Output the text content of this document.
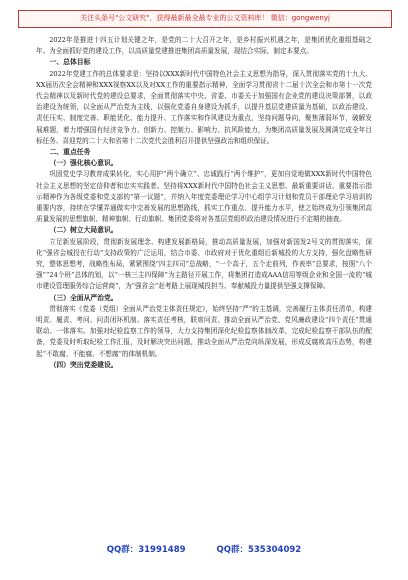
关注头条号"公文研究"，获得最新最全最专业的公文资料库！ 微信：gongwenyj

2022年是推进十四五计划关键之年，是党的二十大召开之年，是乡村振兴机遇之年，是集团优化重组基础之年。为全面抓好党的建设工作，以高质量党建推进集团高质量发展，现结合实际，制定本要点。

一、总体目标

2022年党建工作的总体要求是：坚持以XXX新时代中国特色社会主义思想为指导，深入贯彻落实党的十九大、XX届历次全会精神和XXX视察XX以及对XX工作的重要指示精神，全面学习贯彻省十二届十次全会和市第十一次党代会精神以及新时代党的建设总要求，全面贯彻落实中央、省委、市委关于加强国有企业党的建设决策部署，以政治建设为统领，以全面从严治党为主线，以强化党委自身建设为抓手，以提升基层党建质量为基础，以政治建设、责任压实、制度完善、职能优化、能力提升、工作落实和作风建设为重点，坚持问题导向，聚焦薄弱环节，破解发展难题，着力增强国有经济竞争力、创新力、控制力、影响力、抗风险能力，为集团高质量发展及圆满完成全年目标任务、喜迎党的二十大和省第十二次党代会胜利召开提供坚强政治和组织保证。

二、重点任务

（一）强化核心意识。

巩固党史学习教育成果转化，实心用护“两个确立”、忠诚践行“两个维护”，更加自觉地做XXX新时代中国特色社会主义思想的坚定信仰者和忠实实践者。坚持将XXX新时代中国特色社会主义思想、最新重要讲话、重要指示指示精神作为各级党委和党支部的“第一议题”，并纳入年度党委理论学习中心组学习计划和党员干部理论学习培训的重要内容，持续在学懂弄通做实中完善发展的思想路线，抓实工作重点、提升能力水平，使之始终成为引领集团高质量发展的思想旗帜、精神旗帜、行动旗帜。集团党委将对各基层党组织政治建设情况进行不定期的抽查。

（二）树立大局意识。

立足新发展阶段，贯彻新发展理念、构建发展新格局，推动高质量发展，加强对新国发2号文的贯彻落实，深化“强省会城投在行动”支持政策的广泛运用，结合市委、市政府对于优化重组后新城投的大方支持，强化盘略性研究，整体思想考，战略性布局，紧紧围绕“四主四司”总战略，“一个高于，五个走前列，作表率”总要求，按照“八个强”“24个班”总体的划，以“一核三主四保障”为主路径开展工作，将集团打造成AAA信用等级企业和全国一流的“城市建设管理服务综合运营商”，为“强省会”赶考路上展现城投担当、奉献城投力量提供坚强支撑保障。

（三）全面从严治党。

贯彻落实《党委（党组）全面从严治党主体责任规定》，始终坚持“严”的主基调，完善履行主体责任清单，构建明责、履责、考问、问责闭环机制。落实责任考核，联席问责、推动全面从严治党、党风廉政建设“四个责任”贯通联动、一体落实。加强对纪检监察工作的领导，大力支持集团深化纪检监察体制改革，完成纪检监察干部队伍的配备，党委及时听取纪检工作汇报，及时解决突出问题，推动全面从严治党向纵深发展，形成反腐败高压态势，构建起“不敢腐、不能腐、不想腐”的体制机制。

（四）突出党委建设。

QQ群：31991489	QQ群：535304092
